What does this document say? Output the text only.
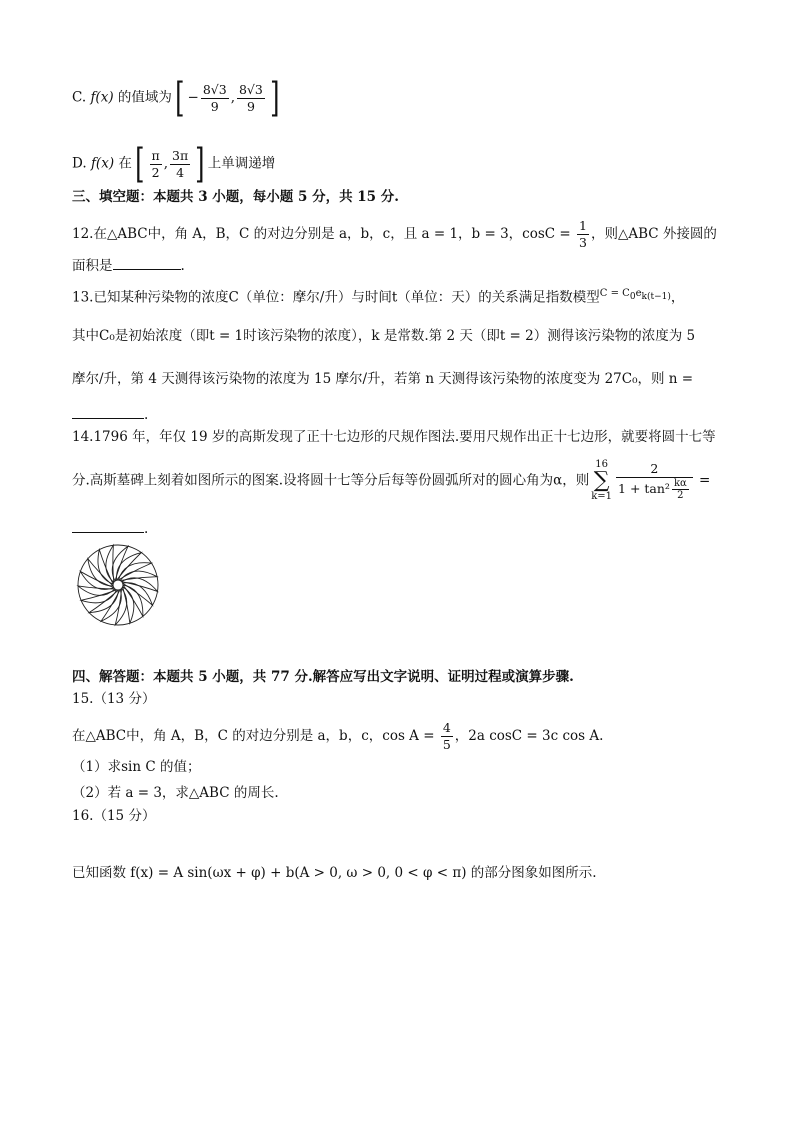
C. f(x) 的值域为[ − $\frac{8√3}{9}$ , $\frac{8√3}{9}$ ]
D. f(x) 在[ $\frac{\pi}{2}$ , $\frac{3\pi}{4}$ ] 上单调递增
三、填空题：本题共 3 小题，每小题 5 分，共 15 分.
12.在△ABC中，角 A，B，C 的对边分别是 a，b，c，且 a = 1，b = 3，$\cos C = \frac{1}{3}$ ，则△ABC 外接圆的
面积是	.
13.已知某种污染物的浓度C（单位：摩尔/升）与时间t（单位：天）的关系满足指数模型$^{C = C0ek(t-1)}$，
其中C₀是初始浓度（即t = 1时该污染物的浓度），k 是常数.第 2 天（即t = 2）测得该污染物的浓度为 5
摩尔/升，第 4 天测得该污染物的浓度为 15 摩尔/升，若第 n 天测得该污染物的浓度变为 27C₀，则 n =
.
14.1796 年，年仅 19 岁的高斯发现了正十七边形的尺规作图法.要用尺规作出正十七边形，就要将圆十七等
分.高斯墓碑上刻着如图所示的图案.设将圆十七等分后每等份圆弧所对的圆心角为α，则16
∑
$k=1 \frac{2}{1 + \tan^2 \frac{k\alpha}{2}}$ =
.
四、解答题：本题共 5 小题，共 77 分.解答应写出文字说明、证明过程或演算步骤.
15.（13 分）
在△ABC中，角 A，B，C 的对边分别是 a，b，c，$\cos A = \frac{4}{5}$ ，2a cosC = 3c cos A.
（1）求sin C 的值；
（2）若 a = 3，求△ABC 的周长.
16.（15 分）
已知函数 f(x) = A sin(ωx + φ) + b(A > 0, ω > 0, 0 < φ < π) 的部分图象如图所示.
